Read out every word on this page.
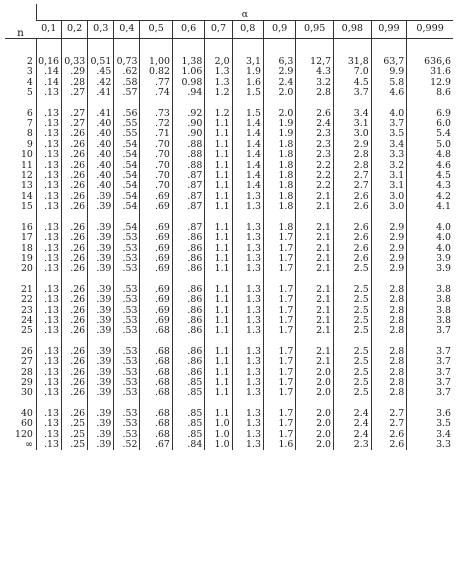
n	α												
	0,1	0,2	0,3	0,4	0,5	0,6	0,7	0,8	0,9	0,95	0,98	0,99	0,999

2	0,16	0,33	0,51	0,73	1,00	1,38	2,0	3,1	6,3	12,7	31,8	63,7	636,6
3	.14	.29	.45	.62	0.82	1.06	1.3	1.9	2.9	4.3	7.0	9.9	31.6
4	.14	.28	.42	.58	.77	0.98	1.3	1.6	2.4	3.2	4.5	5.8	12.9
5	.13	.27	.41	.57	.74	.94	1.2	1.5	2.0	2.8	3.7	4.6	8.6

6	.13	.27	.41	.56	.73	.92	1.2	1.5	2.0	2.6	3.4	4.0	6.9
7	.13	.27	.40	.55	.72	.90	1.1	1.4	1.9	2.4	3.1	3.7	6.0
8	.13	.26	.40	.55	.71	.90	1.1	1.4	1.9	2.3	3.0	3.5	5.4
9	.13	.26	.40	.54	.70	.88	1.1	1.4	1.8	2.3	2.9	3.4	5.0
10	.13	.26	.40	.54	.70	.88	1.1	1.4	1.8	2.3	2.8	3.3	4.8
11	.13	.26	.40	.54	.70	.88	1.1	1.4	1.8	2.2	2.8	3.2	4.6
12	.13	.26	.40	.54	.70	.87	1.1	1.4	1.8	2.2	2.7	3.1	4.5
13	.13	.26	.40	.54	.70	.87	1.1	1.4	1.8	2.2	2.7	3.1	4.3
14	.13	.26	.39	.54	.69	.87	1.1	1.3	1.8	2.1	2.6	3.0	4.2
15	.13	.26	.39	.54	.69	.87	1.1	1.3	1.8	2.1	2.6	3.0	4.1

16	.13	.26	.39	.54	.69	.87	1.1	1.3	1.8	2.1	2.6	2.9	4.0
17	.13	.26	.39	.53	.69	.86	1.1	1.3	1.7	2.1	2.6	2.9	4.0
18	.13	.26	.39	.53	.69	.86	1.1	1.3	1.7	2.1	2.6	2.9	4.0
19	.13	.26	.39	.53	.69	.86	1.1	1.3	1.7	2.1	2.6	2.9	3.9
20	.13	.26	.39	.53	.69	.86	1.1	1.3	1.7	2.1	2.5	2.9	3.9

21	.13	.26	.39	.53	.69	.86	1.1	1.3	1.7	2.1	2.5	2.8	3.8
22	.13	.26	.39	.53	.69	.86	1.1	1.3	1.7	2.1	2.5	2.8	3.8
23	.13	.26	.39	.53	.69	.86	1.1	1.3	1.7	2.1	2.5	2.8	3.8
24	.13	.26	.39	.53	.69	.86	1.1	1.3	1.7	2.1	2.5	2.8	3.8
25	.13	.26	.39	.53	.68	.86	1.1	1.3	1.7	2.1	2.5	2.8	3.7

26	.13	.26	.39	.53	.68	.86	1.1	1.3	1.7	2.1	2.5	2.8	3.7
27	.13	.26	.39	.53	.68	.86	1.1	1.3	1.7	2.1	2.5	2.8	3.7
28	.13	.26	.39	.53	.68	.86	1.1	1.3	1.7	2.0	2.5	2.8	3.7
29	.13	.26	.39	.53	.68	.85	1.1	1.3	1.7	2.0	2.5	2.8	3.7
30	.13	.26	.39	.53	.68	.85	1.1	1.3	1.7	2.0	2.5	2.8	3.7

40	.13	.26	.39	.53	.68	.85	1.1	1.3	1.7	2.0	2.4	2.7	3.6
60	.13	.25	.39	.53	.68	.85	1.0	1.3	1.7	2.0	2.4	2.7	3.5
120	.13	.25	.39	.53	.68	.85	1.0	1.3	1.7	2.0	2.4	2.6	3.4
∞	.13	.25	.39	.52	.67	.84	1.0	1.3	1.6	2.0	2.3	2.6	3.3
